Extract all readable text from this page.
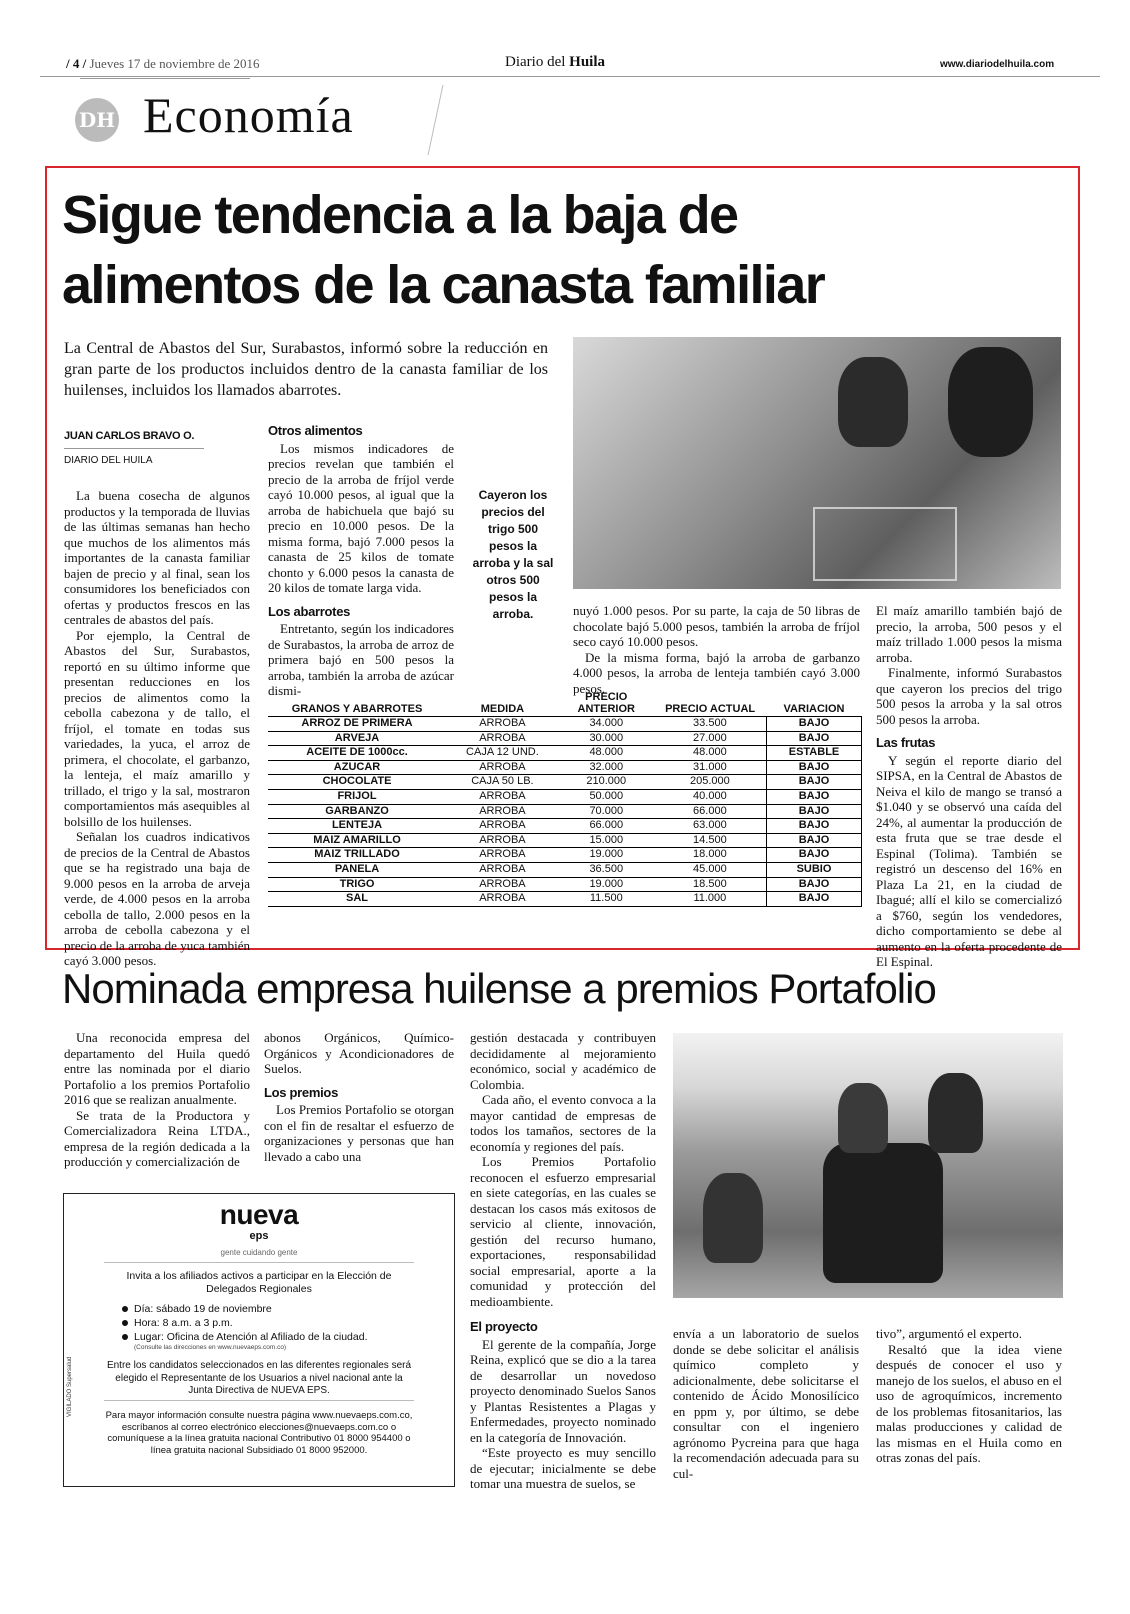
/ 4 / Jueves 17 de noviembre de 2016	Diario del Huila	www.diariodelhuila.com
DH Economía
Sigue tendencia a la baja de
alimentos de la canasta familiar
La Central de Abastos del Sur, Surabastos, informó sobre la reducción en gran parte de los productos incluidos dentro de la canasta familiar de los huilenses, incluidos los llamados abarrotes.
JUAN CARLOS BRAVO O.
DIARIO DEL HUILA

La buena cosecha de algunos productos y la temporada de lluvias de las últimas semanas han hecho que muchos de los alimentos más importantes de la canasta familiar bajen de precio y al final, sean los consumidores los beneficiados con ofertas y productos frescos en las centrales de abastos del país.

Por ejemplo, la Central de Abastos del Sur, Surabastos, reportó en su último informe que presentan reducciones en los precios de alimentos como la cebolla cabezona y de tallo, el fríjol, el tomate en todas sus variedades, la yuca, el arroz de primera, el chocolate, el garbanzo, la lenteja, el maíz amarillo y trillado, el trigo y la sal, mostraron comportamientos más asequibles al bolsillo de los huilenses.

Señalan los cuadros indicativos de precios de la Central de Abastos que se ha registrado una baja de 9.000 pesos en la arroba de arveja verde, de 4.000 pesos en la arroba cebolla de tallo, 2.000 pesos en la arroba de cebolla cabezona y el precio de la arroba de yuca también cayó 3.000 pesos.

Otros alimentos

Los mismos indicadores de precios revelan que también el precio de la arroba de fríjol verde cayó 10.000 pesos, al igual que la arroba de habichuela que bajó su precio en 10.000 pesos. De la misma forma, bajó 7.000 pesos la canasta de 25 kilos de tomate chonto y 6.000 pesos la canasta de 20 kilos de tomate larga vida.

Los abarrotes

Entretanto, según los indicadores de Surabastos, la arroba de arroz de primera bajó en 500 pesos la arroba, también la arroba de azúcar dismi-

Cayeron los precios del trigo 500 pesos la arroba y la sal otros 500 pesos la arroba.	nuyó 1.000 pesos. Por su parte, la caja de 50 libras de chocolate bajó 5.000 pesos, también la arroba de fríjol seco cayó 10.000 pesos.

De la misma forma, bajó la arroba de garbanzo 4.000 pesos, la arroba de lenteja también cayó 3.000 pesos.

El maíz amarillo también bajó de precio, la arroba, 500 pesos y el maíz trillado 1.000 pesos la misma arroba.

Finalmente, informó Surabastos que cayeron los precios del trigo 500 pesos la arroba y la sal otros 500 pesos la arroba.

Las frutas

Y según el reporte diario del SIPSA, en la Central de Abastos de Neiva el kilo de mango se transó a $1.040 y se observó una caída del 24%, al aumentar la producción de esta fruta que se trae desde el Espinal (Tolima). También se registró un descenso del 16% en Plaza La 21, en la ciudad de Ibagué; allí el kilo se comercializó a $760, según los vendedores, dicho comportamiento se debe al aumento en la oferta procedente de El Espinal.

GRANOS Y ABARROTES	MEDIDA	PRECIO ANTERIOR	PRECIO ACTUAL	VARIACION
ARROZ DE PRIMERA	ARROBA	34.000	33.500	BAJO
ARVEJA	ARROBA	30.000	27.000	BAJO
ACEITE DE 1000cc.	CAJA 12 UND.	48.000	48.000	ESTABLE
AZUCAR	ARROBA	32.000	31.000	BAJO
CHOCOLATE	CAJA 50 LB.	210.000	205.000	BAJO
FRIJOL	ARROBA	50.000	40.000	BAJO
GARBANZO	ARROBA	70.000	66.000	BAJO
LENTEJA	ARROBA	66.000	63.000	BAJO
MAIZ AMARILLO	ARROBA	15.000	14.500	BAJO
MAIZ TRILLADO	ARROBA	19.000	18.000	BAJO
PANELA	ARROBA	36.500	45.000	SUBIO
TRIGO	ARROBA	19.000	18.500	BAJO
SAL	ARROBA	11.500	11.000	BAJO
Nominada empresa huilense a premios Portafolio

Una reconocida empresa del departamento del Huila quedó entre las nominada por el diario Portafolio a los premios Portafolio 2016 que se realizan anualmente.

Se trata de la Productora y Comercializadora Reina LTDA., empresa de la región dedicada a la producción y comercialización de

abonos Orgánicos, Químico-Orgánicos y Acondicionadores de Suelos.

Los premios

Los Premios Portafolio se otorgan con el fin de resaltar el esfuerzo de organizaciones y personas que han llevado a cabo una

gestión destacada y contribuyen decididamente al mejoramiento económico, social y académico de Colombia.

Cada año, el evento convoca a la mayor cantidad de empresas de todos los tamaños, sectores de la economía y regiones del país.

Los Premios Portafolio reconocen el esfuerzo empresarial en siete categorías, en las cuales se destacan los casos más exitosos de servicio al cliente, innovación, gestión del recurso humano, exportaciones, responsabilidad social empresarial, aporte a la comunidad y protección del medioambiente.

El proyecto

El gerente de la compañía, Jorge Reina, explicó que se dio a la tarea de desarrollar un novedoso proyecto denominado Suelos Sanos y Plantas Resistentes a Plagas y Enfermedades, proyecto nominado en la categoría de Innovación.

“Este proyecto es muy sencillo de ejecutar; inicialmente se debe tomar una muestra de suelos, se

envía a un laboratorio de suelos donde se debe solicitar el análisis químico completo y adicionalmente, debe solicitarse el contenido de Ácido Monosilícico en ppm y, por último, se debe consultar con el ingeniero agrónomo Pycreina para que haga la recomendación adecuada para su cul-

tivo”, argumentó el experto.

Resaltó que la idea viene después de conocer el uso y manejo de los suelos, el abuso en el uso de agroquímicos, incremento de los problemas fitosanitarios, las malas producciones y calidad de las mismas en el Huila como en otras zonas del país.

nueva
eps
gente cuidando gente
Invita a los afiliados activos a participar en la Elección de Delegados Regionales
Día: sábado 19 de noviembre
Hora: 8 a.m. a 3 p.m.
Lugar: Oficina de Atención al Afiliado de la ciudad.
(Consulte las direcciones en www.nuevaeps.com.co)
Entre los candidatos seleccionados en las diferentes regionales será elegido el Representante de los Usuarios a nivel nacional ante la Junta Directiva de NUEVA EPS.
Para mayor información consulte nuestra página www.nuevaeps.com.co,
escríbanos al correo electrónico elecciones@nuevaeps.com.co o
comuníquese a la línea gratuita nacional Contributivo 01 8000 954400 o
línea gratuita nacional Subsidiado 01 8000 952000.
VIGILADO Supersalud
